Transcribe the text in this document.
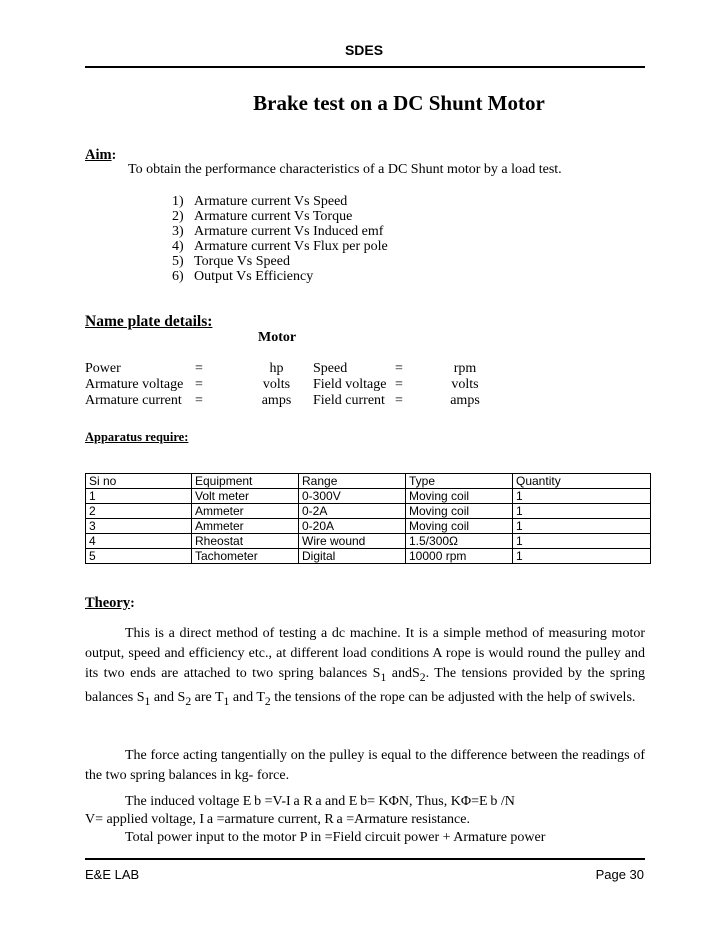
SDES
Brake test on a DC Shunt Motor
Aim:
To obtain the performance characteristics of a DC Shunt motor by a load test.
1) Armature current Vs Speed
2) Armature current Vs Torque
3) Armature current Vs Induced emf
4) Armature current Vs Flux per pole
5) Torque Vs Speed
6) Output Vs Efficiency
Name plate details:
Motor
Power	=	hp	Speed	=	rpm
Armature voltage	=	volts	Field voltage	=	volts
Armature current	=	amps	Field current	=	amps
Apparatus require:
Si no	Equipment	Range	Type	Quantity
1	Volt meter	0-300V	Moving coil	1
2	Ammeter	0-2A	Moving coil	1
3	Ammeter	0-20A	Moving coil	1
4	Rheostat	Wire wound	1.5/300Ω	1
5	Tachometer	Digital	10000 rpm	1
Theory:
This is a direct method of testing a dc machine. It is a simple method of measuring motor output, speed and efficiency etc., at different load conditions A rope is would round the pulley and its two ends are attached to two spring balances $S_1$ andS$_2$. The tensions provided by the spring balances $S_1$ and $S_2$ are $T_1$ and $T_2$ the tensions of the rope can be adjusted with the help of swivels.
The force acting tangentially on the pulley is equal to the difference between the readings of the two spring balances in kg- force.
The induced voltage E b =V-I a R a and E b= KΦN, Thus, KΦ=E b /N
V= applied voltage, I a =armature current, R a =Armature resistance.
Total power input to the motor P in =Field circuit power + Armature power
E&E LAB	Page 30
